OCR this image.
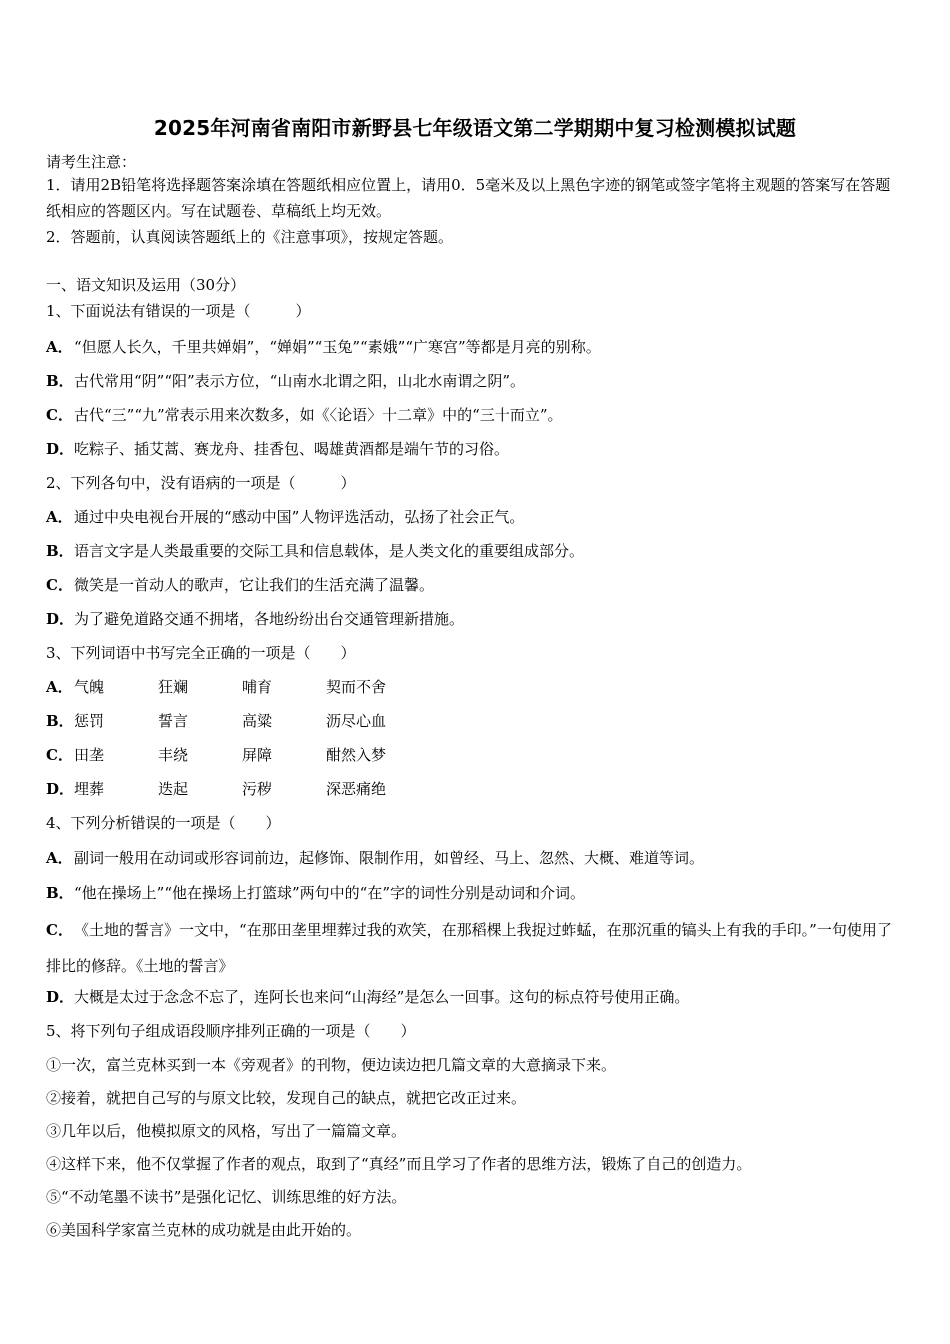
2025年河南省南阳市新野县七年级语文第二学期期中复习检测模拟试题
请考生注意：
1．请用2B铅笔将选择题答案涂填在答题纸相应位置上，请用0．5毫米及以上黑色字迹的钢笔或签字笔将主观题的答案写在答题纸相应的答题区内。写在试题卷、草稿纸上均无效。
2．答题前，认真阅读答题纸上的《注意事项》，按规定答题。
一、语文知识及运用（30分）
1、下面说法有错误的一项是（　　　）
A．“但愿人长久，千里共婵娟”，“婵娟”“玉兔”“素娥”“广寒宫”等都是月亮的别称。
B．古代常用“阴”“阳”表示方位，“山南水北谓之阳，山北水南谓之阴”。
C．古代“三”“九”常表示用来次数多，如《〈论语〉十二章》中的“三十而立”。
D．吃粽子、插艾蒿、赛龙舟、挂香包、喝雄黄酒都是端午节的习俗。
2、下列各句中，没有语病的一项是（　　　）
A．通过中央电视台开展的“感动中国”人物评选活动，弘扬了社会正气。
B．语言文字是人类最重要的交际工具和信息载体，是人类文化的重要组成部分。
C．微笑是一首动人的歌声，它让我们的生活充满了温馨。
D．为了避免道路交通不拥堵，各地纷纷出台交通管理新措施。
3、下列词语中书写完全正确的一项是（　　）
A．气魄	狂斓	哺育	契而不舍
B．惩罚	誓言	高粱	沥尽心血
C．田垄	丰绕	屏障	酣然入梦
D．埋葬	迭起	污秽	深恶痛绝
4、下列分析错误的一项是（　　）
A．副词一般用在动词或形容词前边，起修饰、限制作用，如曾经、马上、忽然、大概、难道等词。
B．“他在操场上”“他在操场上打篮球”两句中的“在”字的词性分别是动词和介词。
C．《土地的誓言》一文中，“在那田垄里埋葬过我的欢笑，在那稻棵上我捉过蚱蜢，在那沉重的镐头上有我的手印。”一句使用了排比的修辞。《土地的誓言》
D．大概是太过于念念不忘了，连阿长也来问“山海经”是怎么一回事。这句的标点符号使用正确。
5、将下列句子组成语段顺序排列正确的一项是（　　）
①一次，富兰克林买到一本《旁观者》的刊物，便边读边把几篇文章的大意摘录下来。
②接着，就把自己写的与原文比较，发现自己的缺点，就把它改正过来。
③几年以后，他模拟原文的风格，写出了一篇篇文章。
④这样下来，他不仅掌握了作者的观点，取到了“真经”而且学习了作者的思维方法，锻炼了自己的创造力。
⑤“不动笔墨不读书”是强化记忆、训练思维的好方法。
⑥美国科学家富兰克林的成功就是由此开始的。
